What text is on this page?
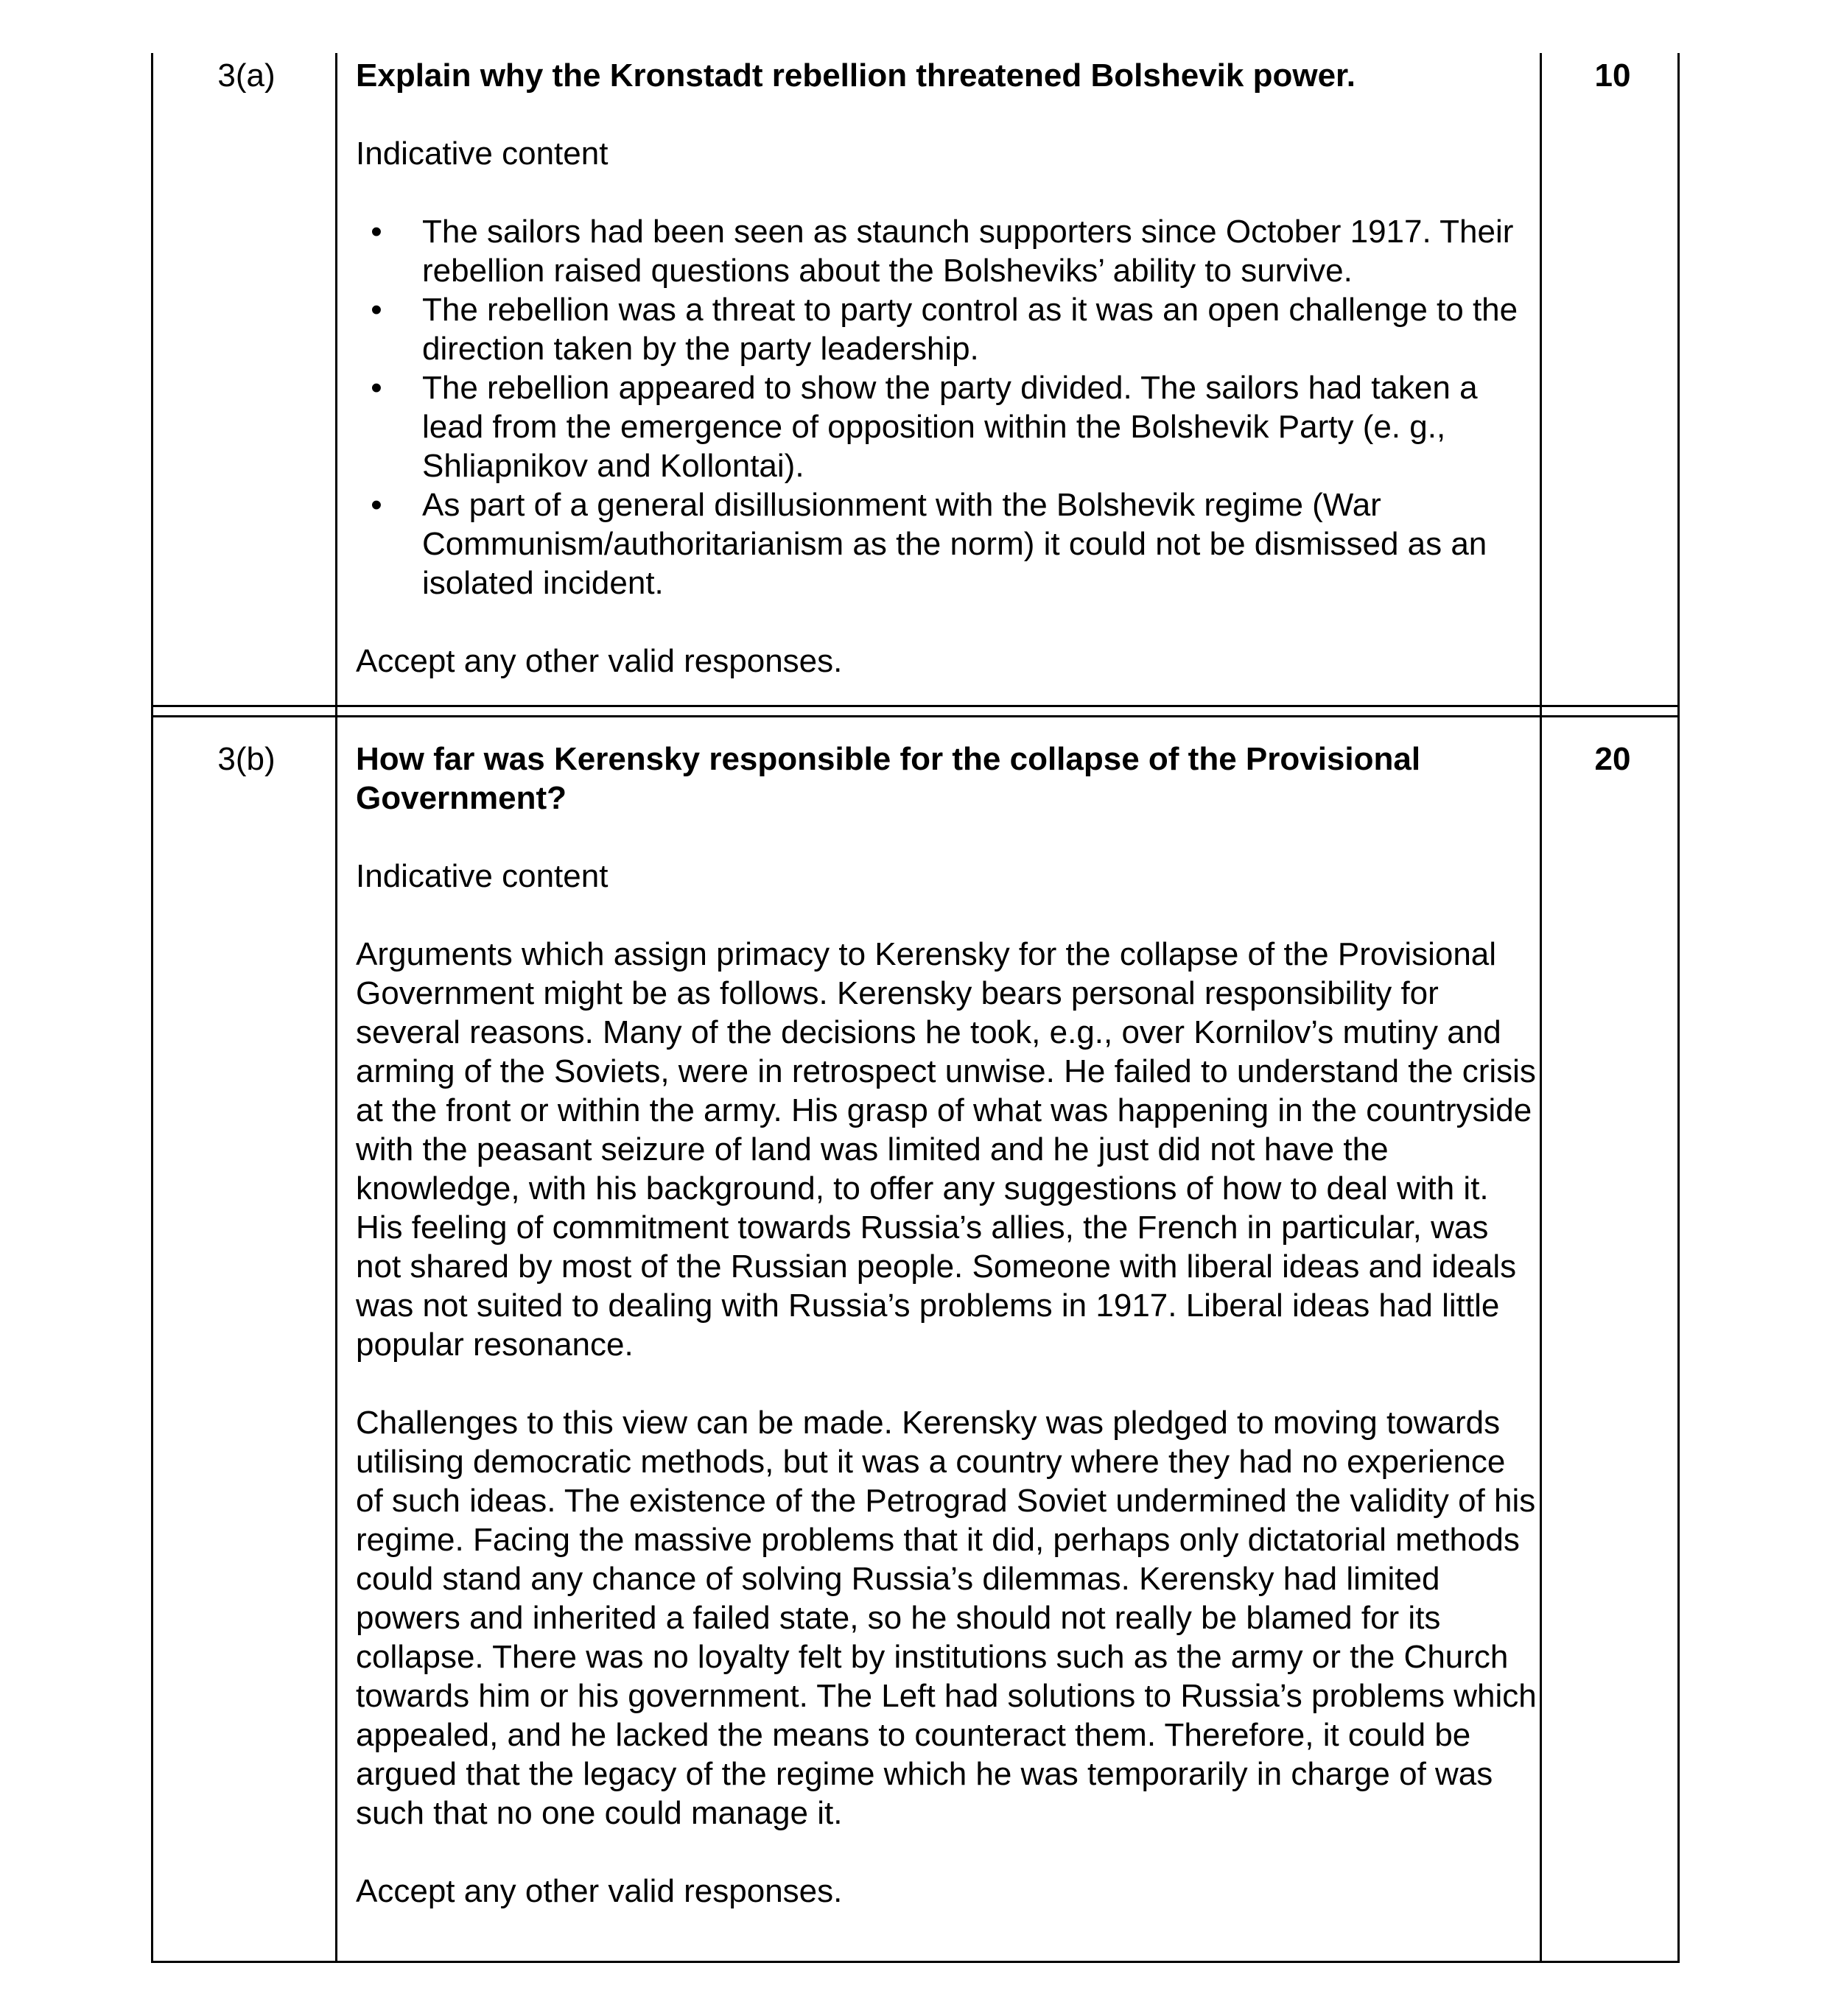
3(a)	Explain why the Kronstadt rebellion threatened Bolshevik power.

Indicative content

• The sailors had been seen as staunch supporters since October 1917. Their rebellion raised questions about the Bolsheviks’ ability to survive.
• The rebellion was a threat to party control as it was an open challenge to the direction taken by the party leadership.
• The rebellion appeared to show the party divided. The sailors had taken a lead from the emergence of opposition within the Bolshevik Party (e. g., Shliapnikov and Kollontai).
• As part of a general disillusionment with the Bolshevik regime (War Communism/authoritarianism as the norm) it could not be dismissed as an isolated incident.

Accept any other valid responses.

10
3(b)	How far was Kerensky responsible for the collapse of the Provisional Government?

Indicative content

Arguments which assign primacy to Kerensky for the collapse of the Provisional Government might be as follows. Kerensky bears personal responsibility for several reasons. Many of the decisions he took, e.g., over Kornilov’s mutiny and arming of the Soviets, were in retrospect unwise. He failed to understand the crisis at the front or within the army. His grasp of what was happening in the countryside with the peasant seizure of land was limited and he just did not have the knowledge, with his background, to offer any suggestions of how to deal with it. His feeling of commitment towards Russia’s allies, the French in particular, was not shared by most of the Russian people. Someone with liberal ideas and ideals was not suited to dealing with Russia’s problems in 1917. Liberal ideas had little popular resonance.

Challenges to this view can be made. Kerensky was pledged to moving towards utilising democratic methods, but it was a country where they had no experience of such ideas. The existence of the Petrograd Soviet undermined the validity of his regime. Facing the massive problems that it did, perhaps only dictatorial methods could stand any chance of solving Russia’s dilemmas. Kerensky had limited powers and inherited a failed state, so he should not really be blamed for its collapse. There was no loyalty felt by institutions such as the army or the Church towards him or his government. The Left had solutions to Russia’s problems which appealed, and he lacked the means to counteract them. Therefore, it could be argued that the legacy of the regime which he was temporarily in charge of was such that no one could manage it.

Accept any other valid responses.

20
